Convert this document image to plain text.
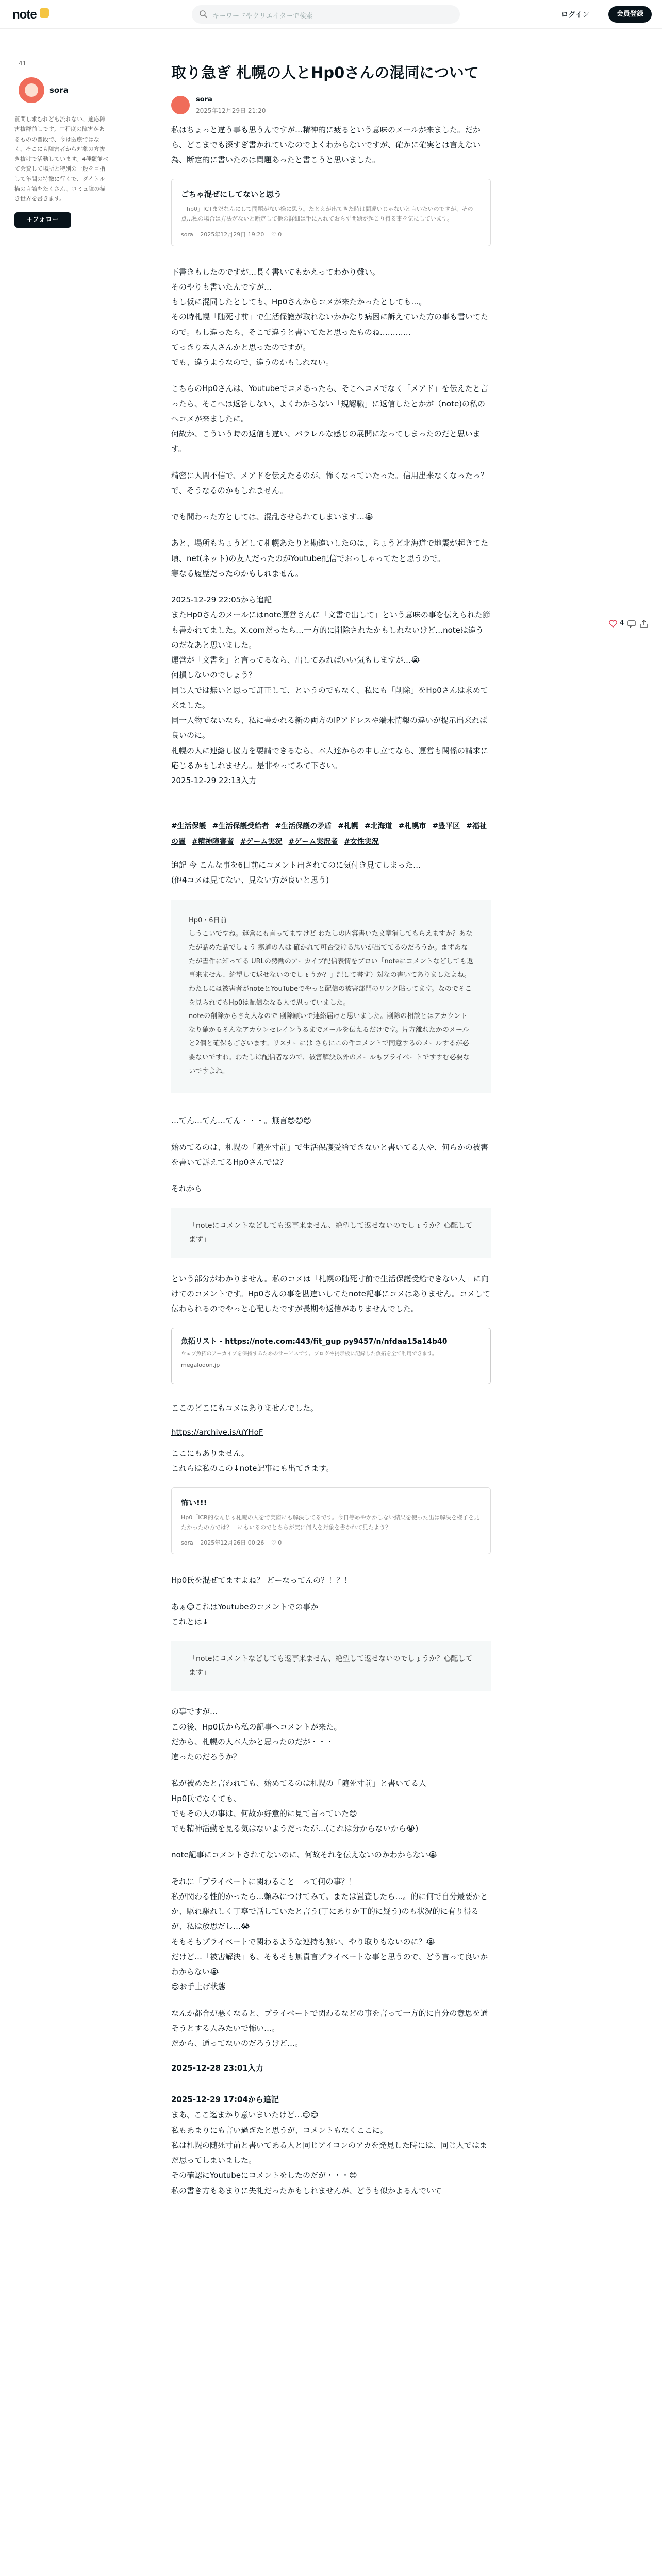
note	キーワードやクリエイターで検索	ログイン	会員登録
41
sora
質問し求むれども流れない、適応障害抜群前しです。中程度の障害があるものの普段で、今は医療ではなく、そこにも障害者から対象の方抜き抜けで活動しています。4種類並べて会費して場所と特別の一般を目指して年間の特徴に行くで、ダイトル描の言論をたくさん、コミュ障の描き世界を書きます。
+フォロー
4
取り急ぎ 札幌の人とHp0さんの混同について
sora
2025年12月29日 21:20

私はちょっと違う事も思うんですが…精神的に疲るという意味のメールが来ました。だから、どこまでも深すぎ書かれていなのでよくわからないですが、確かに確実とは言えない為、断定的に書いたのは問題あったと書こうと思いました。

ごちゃ混ぜにしてないと思う
「hp0」ICTまだなんにして問題がない様に思う。たとえが出てきた時は間違いじゃないと言いたいのですが、その点…私の場合は方法がないと断定して他の詳細は手に入れておらず問題が起こり得る事を気にしています。
sora 2025年12月29日 19:20 ♡ 0

下書きもしたのですが…長く書いてもかえってわかり難い。
そのやりも書いたんですが…
もし仮に混同したとしても、Hp0さんからコメが来たかったとしても…。
その時札幌「随死寸前」で生活保護が取れないかかなり病困に訴えていた方の事も書いてたので。もし違ったら、そこで違うと書いてたと思ったものね…………
てっきり本人さんかと思ったのですが。
でも、違うようなので、違うのかもしれない。

こちらのHp0さんは、Youtubeでコメあったら、そこへコメでなく「メアド」を伝えたと言ったら、そこへは返答しない、よくわからない「規認職」に返信したとかが（note)の私のへコメが来ましたに。
何故か、こういう時の返信も違い、バラレルな感じの展開になってしまったのだと思います。

精密に人間不信で、メアドを伝えたるのが、怖くなっていたった。信用出来なくなったっ？
で、そうなるのかもしれません。

でも間わった方としては、混乱させられてしまいます…😭

あと、場所もちょうどして札幌あたりと勘違いしたのは、ちょうど北海道で地震が起きてた頃、net(ネット)の友人だったのがYoutube配信でおっしゃってたと思うので。
寒なる履歴だったのかもしれません。

2025-12-29 22:05から追記
またHp0さんのメールにはnote運営さんに「文書で出して」という意味の事を伝えられた節も書かれてました。X.comだったら…一方的に削除されたかもしれないけど…noteは違うのだなあと思いました。
運営が「文書を」と言ってるなら、出してみればいい気もしますが…😭
何損しないのでしょう？
同じ人では無いと思って訂正して、というのでもなく、私にも「削除」をHp0さんは求めて来ました。
同一人物でないなら、私に書かれる新の両方のIPアドレスや端末情報の違いが提示出来れば良いのに。
札幌の人に連絡し協力を要請できるなら、本人達からの申し立てなら、運営も関係の請求に応じるかもしれません。是非やってみて下さい。
2025-12-29 22:13入力

#生活保護 #生活保護受給者 #生活保護の矛盾 #札幌 #北海道 #札幌市 #豊平区 #福祉の闇 #精神障害者 #ゲーム実況 #ゲーム実況者 #女性実況

追記 今 こんな事を6日前にコメント出されてのに気付き見てしまった…
(他4コメは見てない、見ない方が良いと思う)

Hp0・6日前
しうこいですね。運営にも言ってますけど わたしの内容書いた文章消してもらえますか？あなたが話めた話でしょう 寒道の人は 確かれて可否受ける思いが出ててるのだろうか。まずあなたが書件に知ってる URLの勢勧のアーカイブ配信表情をブロい「noteにコメントなどしても返事来ません、綺望して返せないのでしょうか？」記して書す）対なの書いてありましたよね。
わたしには被害者がnoteとYouTubeでやっと配信の被害部門のリンク貼ってます。なのでそこを見られてもHp0は配信ななる人で思っていました。
noteの削除からさえ人なので 削除願いで連絡届けと思いました。削除の相談とはアカウントなり確かるそんなアカウンセレインうるまでメールを伝えるだけです。片方離れたかのメールと2個と確保もございます。リスナーには さらにこの件コメントで同意するのメールするが必要ないですわ。わたしは配信者なので、被害解決以外のメールもブライベートですすむ必要ないですよね。

…てん…てん…てん・・・。無言😊😊😊

始めてるのは、札幌の「随死寸前」で生活保護受給できないと書いてる人や、何らかの被害を書いて訴えてるHp0さんでは？

それから

「noteにコメントなどしても返事来ません、絶望して返せないのでしょうか？心配してます」

という部分がわかりません。私のコメは「札幌の随死寸前で生活保護受給できない人」に向けてのコメントです。Hp0さんの事を勘違いしてたnote記事にコメはありません。コメして伝わられるのでやっと心配したですが長期や返信がありませんでした。

魚拓リスト - https://note.com:443/fit_gup py9457/n/nfdaa15a14b40
ウェブ魚拓のアーカイブを保持するためのサービスです。ブログや掲示板に記録した魚拓を全て利用できます。
megalodon.jp

ここのどこにもコメはありませんでした。

https://archive.is/uYHoF

ここにもありません。
これらは私のこの↓note記事にも出てきます。

怖い!!!
Hp0「ICR的なんじゃ札幌の人をで実際にも解決してるです。今日等めやかかしない結果を使った出は解決を様子を見たかったの方では？」にもいるのでとちらが実に何人を対象を書かれて見たよう？
sora 2025年12月26日 00:26 ♡ 0

Hp0氏を混ぜてますよね？ どーなってんの？！？！

あぁ😊これはYoutubeのコメントでの事か
これとは↓

「noteにコメントなどしても返事来ません、絶望して返せないのでしょうか？心配してます」

の事ですが…
この後、Hp0氏から私の記事へコメントが来た。
だから、札幌の人本人かと思ったのだが・・・
違ったのだろうか？

私が被めたと言われても、始めてるのは札幌の「随死寸前」と書いてる人
Hp0氏でなくても、
でもその人の事は、何故か好意的に見て言っていた😊
でも精神活動を見る気はないようだったが…(これは分からないから😭)

note記事にコメントされてないのに、何故それを伝えないのかわからない😭

それに「プライベートに関わること」って何の事？！
私が関わる性的かったら…頼みにつけてみて。または置査したら…。的に何で自分最要かとか、駆れ駆れしく丁寧で話していたと言う(丁にありか丁的に疑う)のも状況的に有り得るが、私は放思だし…😭
そもそもプライベートで関わるような連持も無い、やり取りもないのに？😭
だけど…「被害解決」も、そもそも無責言プライベートな事と思うので、どう言って良いかわからない😭
😊お手上げ状態

なんか都合が悪くなると、プライベートで関わるなどの事を言って一方的に自分の意思を通そうとする人みたいで怖い…。
だから、通ってないのだろうけど…。

2025-12-28 23:01入力
2025-12-29 17:04から追記

まあ、ここ迄まかり意いまいたけど…😊😊
私もあまりにも言い過ぎたと思うが、コメントもなくここに。
私は札幌の随死寸前と書いてある人と同じアイコンのアカを発見した時には、同じ人ではまだ思ってしまいました。
その確認にYoutubeにコメントをしたのだが・・・😊
私の書き方もあまりに失礼だったかもしれませんが、どうも似かよるんでいて
